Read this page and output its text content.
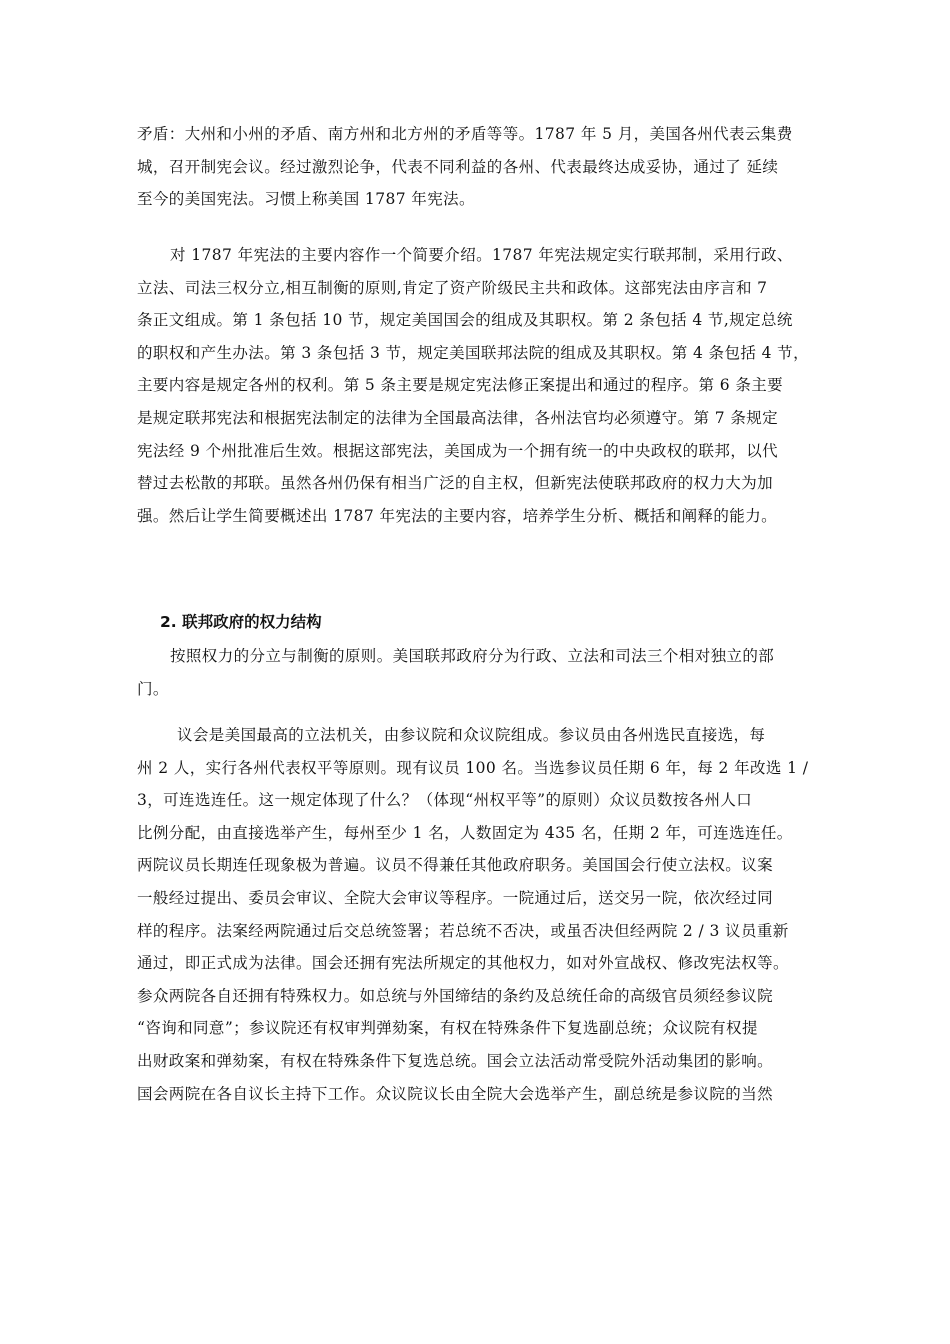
矛盾：大州和小州的矛盾、南方州和北方州的矛盾等等。1787 年 5 月，美国各州代表云集费
城，召开制宪会议。经过激烈论争，代表不同利益的各州、代表最终达成妥协，通过了 延续
至今的美国宪法。习惯上称美国 1787 年宪法。
对 1787 年宪法的主要内容作一个简要介绍。1787 年宪法规定实行联邦制，采用行政、
立法、司法三权分立,相互制衡的原则,肯定了资产阶级民主共和政体。这部宪法由序言和 7
条正文组成。第 1 条包括 10 节，规定美国国会的组成及其职权。第 2 条包括 4 节,规定总统
的职权和产生办法。第 3 条包括 3 节，规定美国联邦法院的组成及其职权。第 4 条包括 4 节，
主要内容是规定各州的权利。第 5 条主要是规定宪法修正案提出和通过的程序。第 6 条主要
是规定联邦宪法和根据宪法制定的法律为全国最高法律，各州法官均必须遵守。第 7 条规定
宪法经 9 个州批准后生效。根据这部宪法，美国成为一个拥有统一的中央政权的联邦，以代
替过去松散的邦联。虽然各州仍保有相当广泛的自主权，但新宪法使联邦政府的权力大为加
强。然后让学生简要概述出 1787 年宪法的主要内容，培养学生分析、概括和阐释的能力。
2. 联邦政府的权力结构
按照权力的分立与制衡的原则。美国联邦政府分为行政、立法和司法三个相对独立的部
门。
议会是美国最高的立法机关，由参议院和众议院组成。参议员由各州选民直接选，每
州 2 人，实行各州代表权平等原则。现有议员 100 名。当选参议员任期 6 年，每 2 年改选 1 /
3，可连选连任。这一规定体现了什么？（体现“州权平等”的原则）众议员数按各州人口
比例分配，由直接选举产生，每州至少 1 名，人数固定为 435 名，任期 2 年，可连选连任。
两院议员长期连任现象极为普遍。议员不得兼任其他政府职务。美国国会行使立法权。议案
一般经过提出、委员会审议、全院大会审议等程序。一院通过后，送交另一院，依次经过同
样的程序。法案经两院通过后交总统签署；若总统不否决，或虽否决但经两院 2 / 3 议员重新
通过，即正式成为法律。国会还拥有宪法所规定的其他权力，如对外宣战权、修改宪法权等。
参众两院各自还拥有特殊权力。如总统与外国缔结的条约及总统任命的高级官员须经参议院
“咨询和同意”；参议院还有权审判弹劾案，有权在特殊条件下复选副总统；众议院有权提
出财政案和弹劾案，有权在特殊条件下复选总统。国会立法活动常受院外活动集团的影响。
国会两院在各自议长主持下工作。众议院议长由全院大会选举产生，副总统是参议院的当然
